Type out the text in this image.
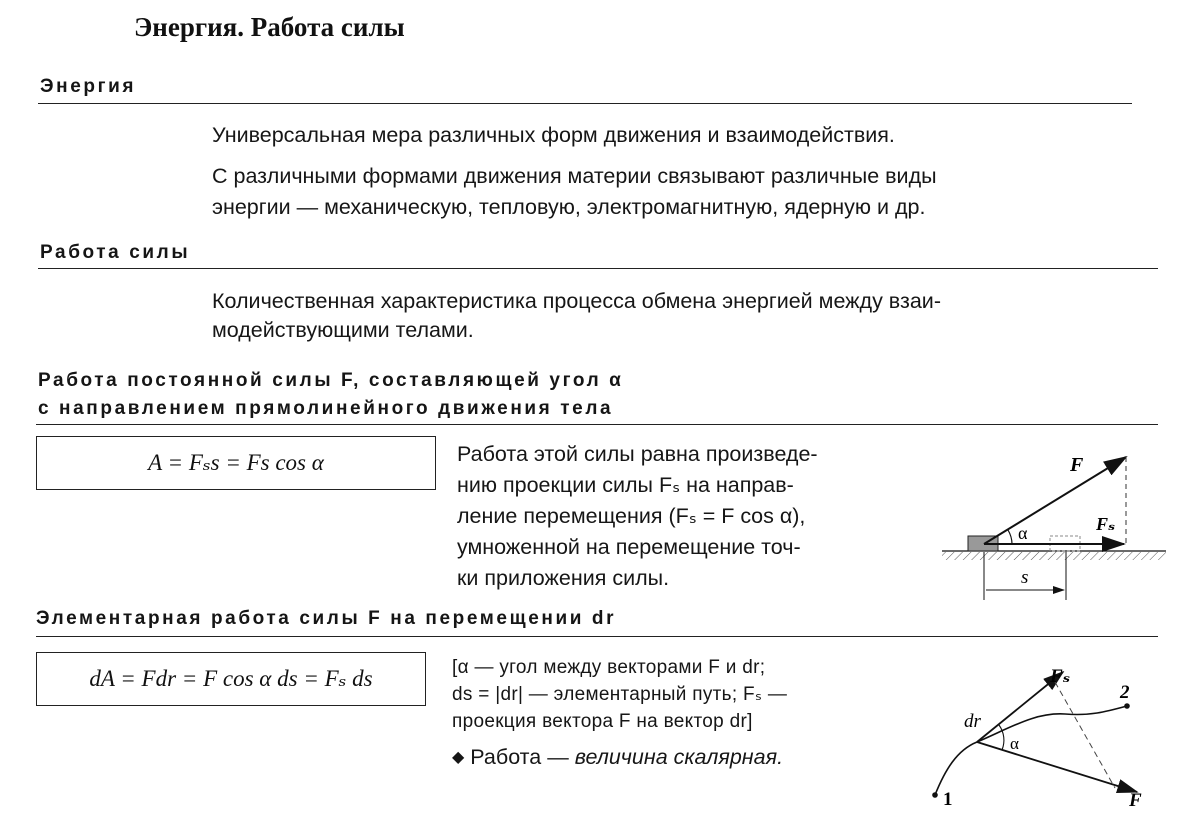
Энергия. Работа силы
Энергия
Универсальная мера различных форм движения и взаимодействия.
С различными формами движения материи связывают различные виды
энергии — механическую, тепловую, электромагнитную, ядерную и др.
Работа силы
Количественная характеристика процесса обмена энергией между взаи-
модействующими телами.
Работа постоянной силы F, составляющей угол α
с направлением прямолинейного движения тела
A = Fₛs = Fs cos α	Работа этой силы равна произведе-
нию проекции силы Fₛ на направ-
ление перемещения (Fₛ = F cos α),
умноженной на перемещение точ-
ки приложения силы.
F
Fₛ
α
s
Элементарная работа силы F на перемещении dr
dA = Fdr = F cos α ds = Fₛ ds	[α — угол между векторами F и dr;
ds = |dr| — элементарный путь; Fₛ —
проекция вектора F на вектор dr]
◆ Работа — величина скалярная.
dr
Fₛ
α
F
1
2
